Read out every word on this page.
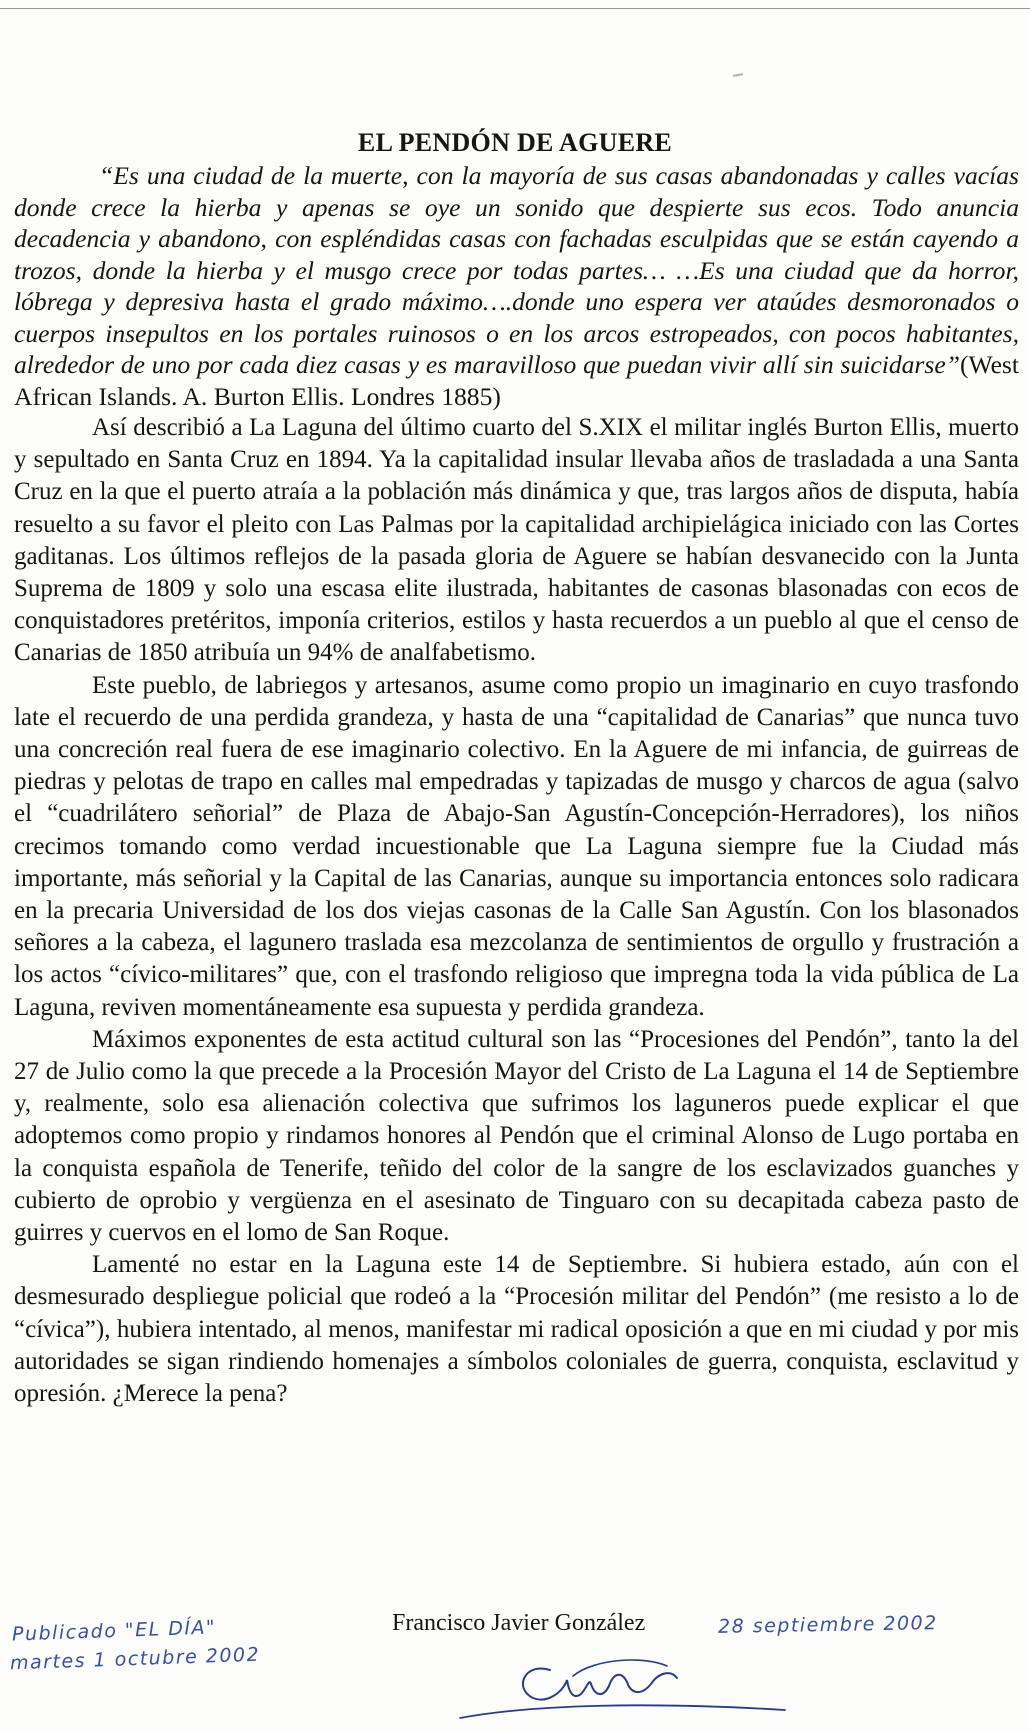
EL PENDÓN DE AGUERE

“Es una ciudad de la muerte, con la mayoría de sus casas abandonadas y calles vacías donde crece la hierba y apenas se oye un sonido que despierte sus ecos. Todo anuncia decadencia y abandono, con espléndidas casas con fachadas esculpidas que se están cayendo a trozos, donde la hierba y el musgo crece por todas partes… …Es una ciudad que da horror, lóbrega y depresiva hasta el grado máximo….donde uno espera ver ataúdes desmoronados o cuerpos insepultos en los portales ruinosos o en los arcos estropeados, con pocos habitantes, alrededor de uno por cada diez casas y es maravilloso que puedan vivir allí sin suicidarse”(West African Islands. A. Burton Ellis. Londres 1885)

Así describió a La Laguna del último cuarto del S.XIX el militar inglés Burton Ellis, muerto y sepultado en Santa Cruz en 1894. Ya la capitalidad insular llevaba años de trasladada a una Santa Cruz en la que el puerto atraía a la población más dinámica y que, tras largos años de disputa, había resuelto a su favor el pleito con Las Palmas por la capitalidad archipielágica iniciado con las Cortes gaditanas. Los últimos reflejos de la pasada gloria de Aguere se habían desvanecido con la Junta Suprema de 1809 y solo una escasa elite ilustrada, habitantes de casonas blasonadas con ecos de conquistadores pretéritos, imponía criterios, estilos y hasta recuerdos a un pueblo al que el censo de Canarias de 1850 atribuía un 94% de analfabetismo.

Este pueblo, de labriegos y artesanos, asume como propio un imaginario en cuyo trasfondo late el recuerdo de una perdida grandeza, y hasta de una “capitalidad de Canarias” que nunca tuvo una concreción real fuera de ese imaginario colectivo. En la Aguere de mi infancia, de guirreas de piedras y pelotas de trapo en calles mal empedradas y tapizadas de musgo y charcos de agua (salvo el “cuadrilátero señorial” de Plaza de Abajo-San Agustín-Concepción-Herradores), los niños crecimos tomando como verdad incuestionable que La Laguna siempre fue la Ciudad más importante, más señorial y la Capital de las Canarias, aunque su importancia entonces solo radicara en la precaria Universidad de los dos viejas casonas de la Calle San Agustín. Con los blasonados señores a la cabeza, el lagunero traslada esa mezcolanza de sentimientos de orgullo y frustración a los actos “cívico-militares” que, con el trasfondo religioso que impregna toda la vida pública de La Laguna, reviven momentáneamente esa supuesta y perdida grandeza.

Máximos exponentes de esta actitud cultural son las “Procesiones del Pendón”, tanto la del 27 de Julio como la que precede a la Procesión Mayor del Cristo de La Laguna el 14 de Septiembre y, realmente, solo esa alienación colectiva que sufrimos los laguneros puede explicar el que adoptemos como propio y rindamos honores al Pendón que el criminal Alonso de Lugo portaba en la conquista española de Tenerife, teñido del color de la sangre de los esclavizados guanches y cubierto de oprobio y vergüenza en el asesinato de Tinguaro con su decapitada cabeza pasto de guirres y cuervos en el lomo de San Roque.

Lamenté no estar en la Laguna este 14 de Septiembre. Si hubiera estado, aún con el desmesurado despliegue policial que rodeó a la “Procesión militar del Pendón” (me resisto a lo de “cívica”), hubiera intentado, al menos, manifestar mi radical oposición a que en mi ciudad y por mis autoridades se sigan rindiendo homenajes a símbolos coloniales de guerra, conquista, esclavitud y opresión. ¿Merece la pena?

Francisco Javier González

Publicado "EL DÍA"

martes 1 octubre 2002

28 septiembre 2002
